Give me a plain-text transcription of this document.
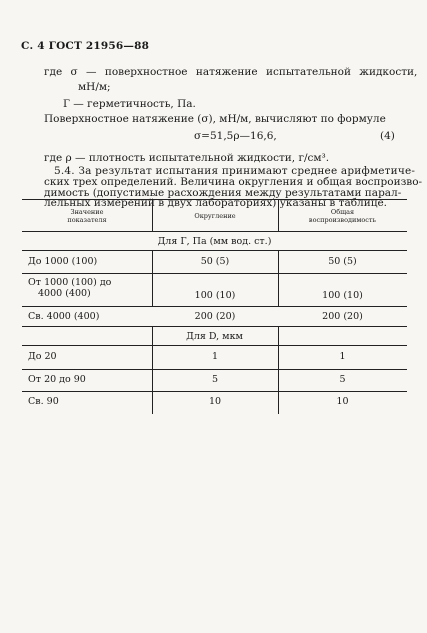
С. 4 ГОСТ 21956—88
где σ — поверхностное натяжение испытательной жидкости,
мН/м;
Г — герметичность, Па.
Поверхностное натяжение (σ), мН/м, вычисляют по формуле
σ=51,5ρ—16,6,	(4)
где ρ — плотность испытательной жидкости, г/см³.
5.4. За результат испытания принимают среднее арифметиче-
ских трех определений. Величина округления и общая воспроизво-
димость (допустимые расхождения между результатами парал-
лельных измерений в двух лабораториях) указаны в таблице.
Значение
показателя	Округление	Общая
воспроизводимость
Для Г, Па (мм вод. ст.)
До 1000 (100)	50 (5)	50 (5)
От 1000 (100) до
4000 (400)	100 (10)	100 (10)
Св. 4000 (400)	200 (20)	200 (20)
Для D, мкм
До 20	1	1
От 20 до 90	5	5
Св. 90	10	10
